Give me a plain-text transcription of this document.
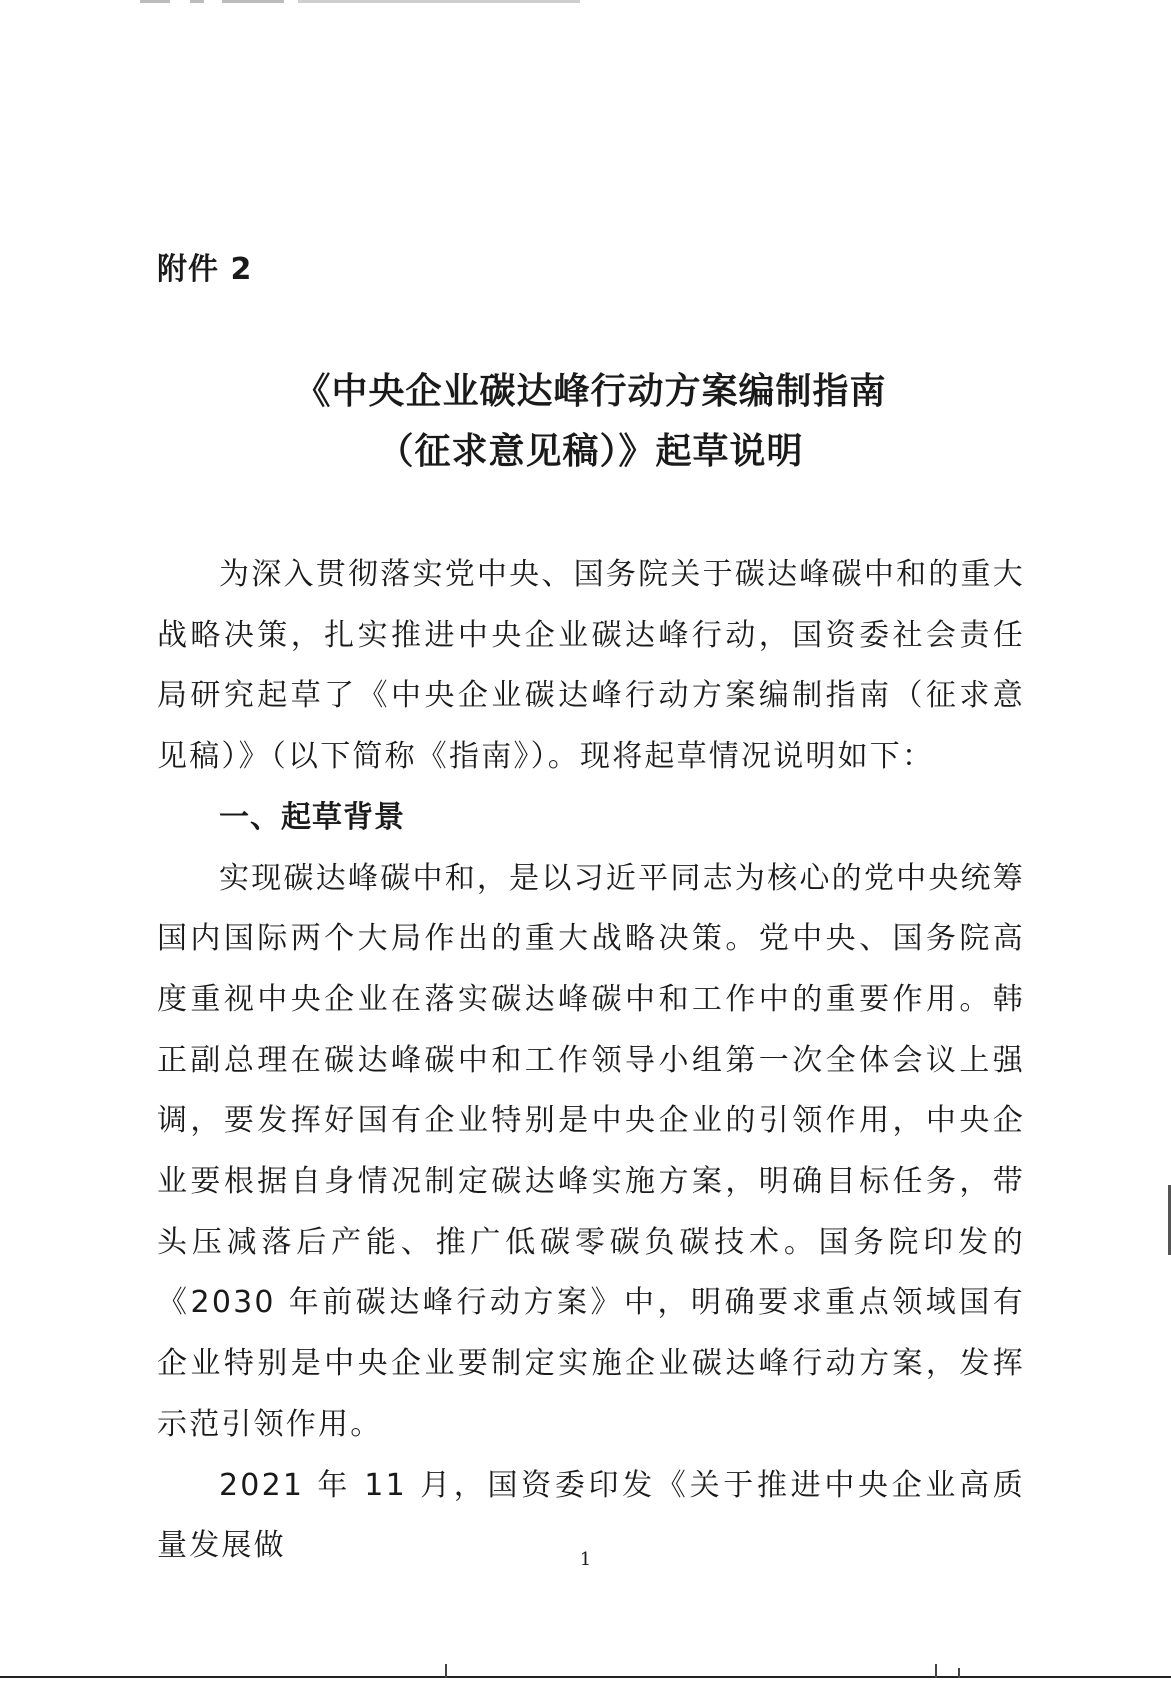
附件 2
《中央企业碳达峰行动方案编制指南
（征求意见稿）》起草说明

为深入贯彻落实党中央、国务院关于碳达峰碳中和的重大战略决策，扎实推进中央企业碳达峰行动，国资委社会责任局研究起草了《中央企业碳达峰行动方案编制指南（征求意见稿）》（以下简称《指南》）。现将起草情况说明如下：

一、起草背景

实现碳达峰碳中和，是以习近平同志为核心的党中央统筹国内国际两个大局作出的重大战略决策。党中央、国务院高度重视中央企业在落实碳达峰碳中和工作中的重要作用。韩正副总理在碳达峰碳中和工作领导小组第一次全体会议上强调，要发挥好国有企业特别是中央企业的引领作用，中央企业要根据自身情况制定碳达峰实施方案，明确目标任务，带头压减落后产能、推广低碳零碳负碳技术。国务院印发的《2030 年前碳达峰行动方案》中，明确要求重点领域国有企业特别是中央企业要制定实施企业碳达峰行动方案，发挥示范引领作用。

2021 年 11 月，国资委印发《关于推进中央企业高质量发展做	1
